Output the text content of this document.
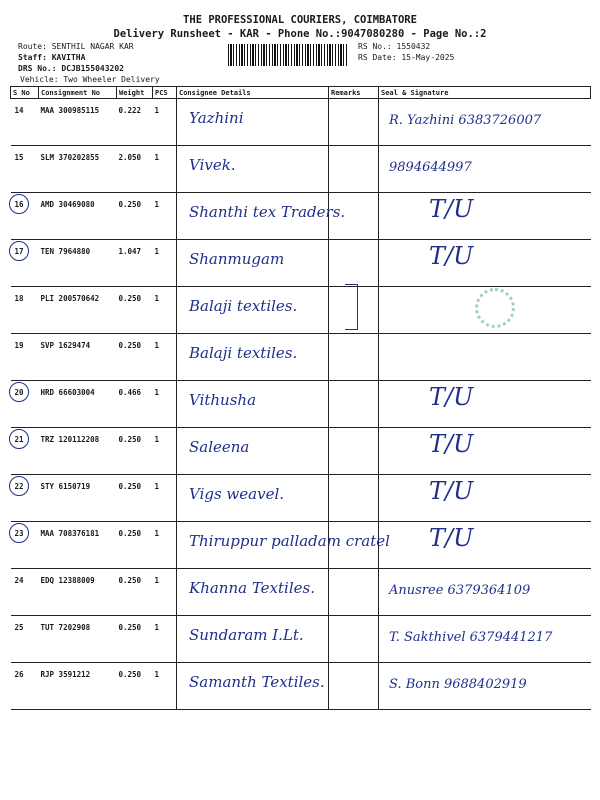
THE PROFESSIONAL COURIERS, COIMBATORE
Delivery Runsheet - KAR - Phone No.:9047080280 - Page No.:2
Route: SENTHIL NAGAR KAR
Staff: KAVITHA
DRS No.: DCJB155043202
Vehicle: Two Wheeler Delivery
RS No.: 1550432
RS Date: 15-May-2025
S No	Consignment No	Weight	PCS	Consignee Details	Remarks	Seal & Signature
14	MAA 300985115	0.222	1	Yazhini		R. Yazhini 6383726007

15	SLM 370202855	2.050	1	Vivek.		9894644997

16	AMD 30469080	0.250	1	Shanthi tex Traders.		T/U

17	TEN 7964880	1.047	1	Shanmugam		T/U

18	PLI 200570642	0.250	1	Balaji textiles.		

19	SVP 1629474	0.250	1	Balaji textiles.		

20	HRD 66603004	0.466	1	Vithusha		T/U

21	TRZ 120112208	0.250	1	Saleena		T/U

22	STY 6150719	0.250	1	Vigs weavel.		T/U

23	MAA 708376181	0.250	1	Thiruppur palladam cratel		T/U

24	EDQ 12388009	0.250	1	Khanna Textiles.		Anusree 6379364109

25	TUT 7202908	0.250	1	Sundaram I.Lt.		T. Sakthivel 6379441217

26	RJP 3591212	0.250	1	Samanth Textiles.		S. Bonn 9688402919
